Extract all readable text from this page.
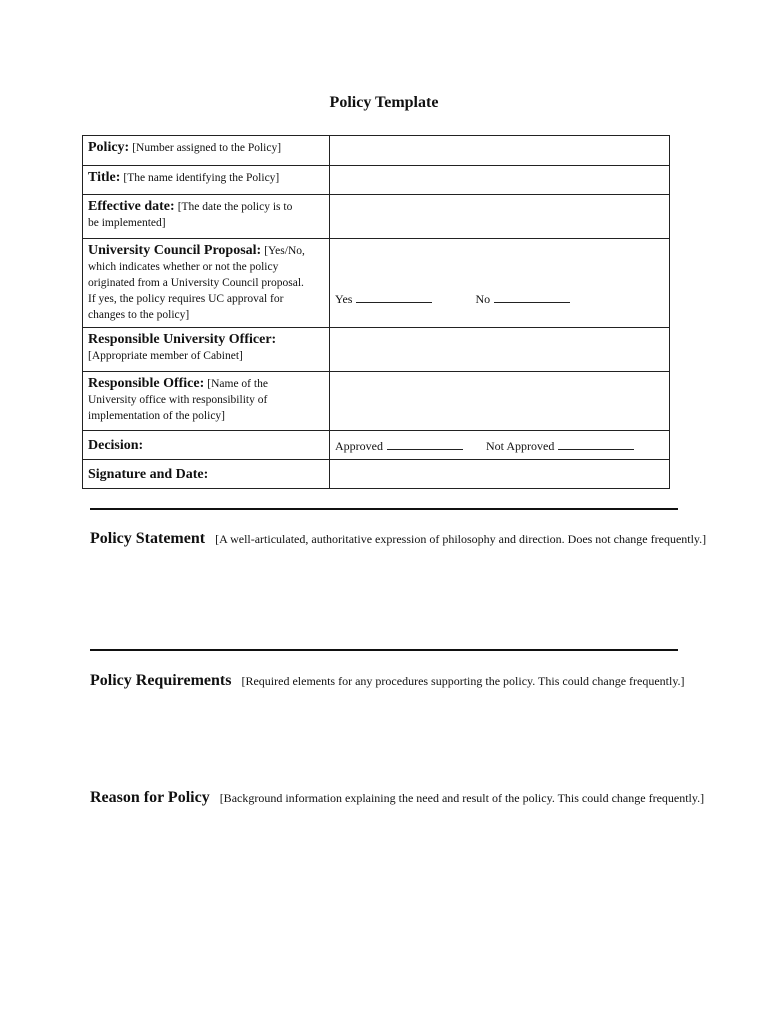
Policy Template
Policy: [Number assigned to the Policy]	
Title: [The name identifying the Policy]	
Effective date: [The date the policy is to
be implemented]	
University Council Proposal: [Yes/No,
which indicates whether or not the policy
originated from a University Council proposal.
If yes, the policy requires UC approval for
changes to the policy]	Yes No
Responsible University Officer:
[Appropriate member of Cabinet]	
Responsible Office: [Name of the
University office with responsibility of
implementation of the policy]	
Decision:	Approved Not Approved
Signature and Date:	
Policy Statement [A well-articulated, authoritative expression of philosophy and direction. Does not change frequently.]
Policy Requirements [Required elements for any procedures supporting the policy. This could change frequently.]
Reason for Policy [Background information explaining the need and result of the policy. This could change frequently.]
